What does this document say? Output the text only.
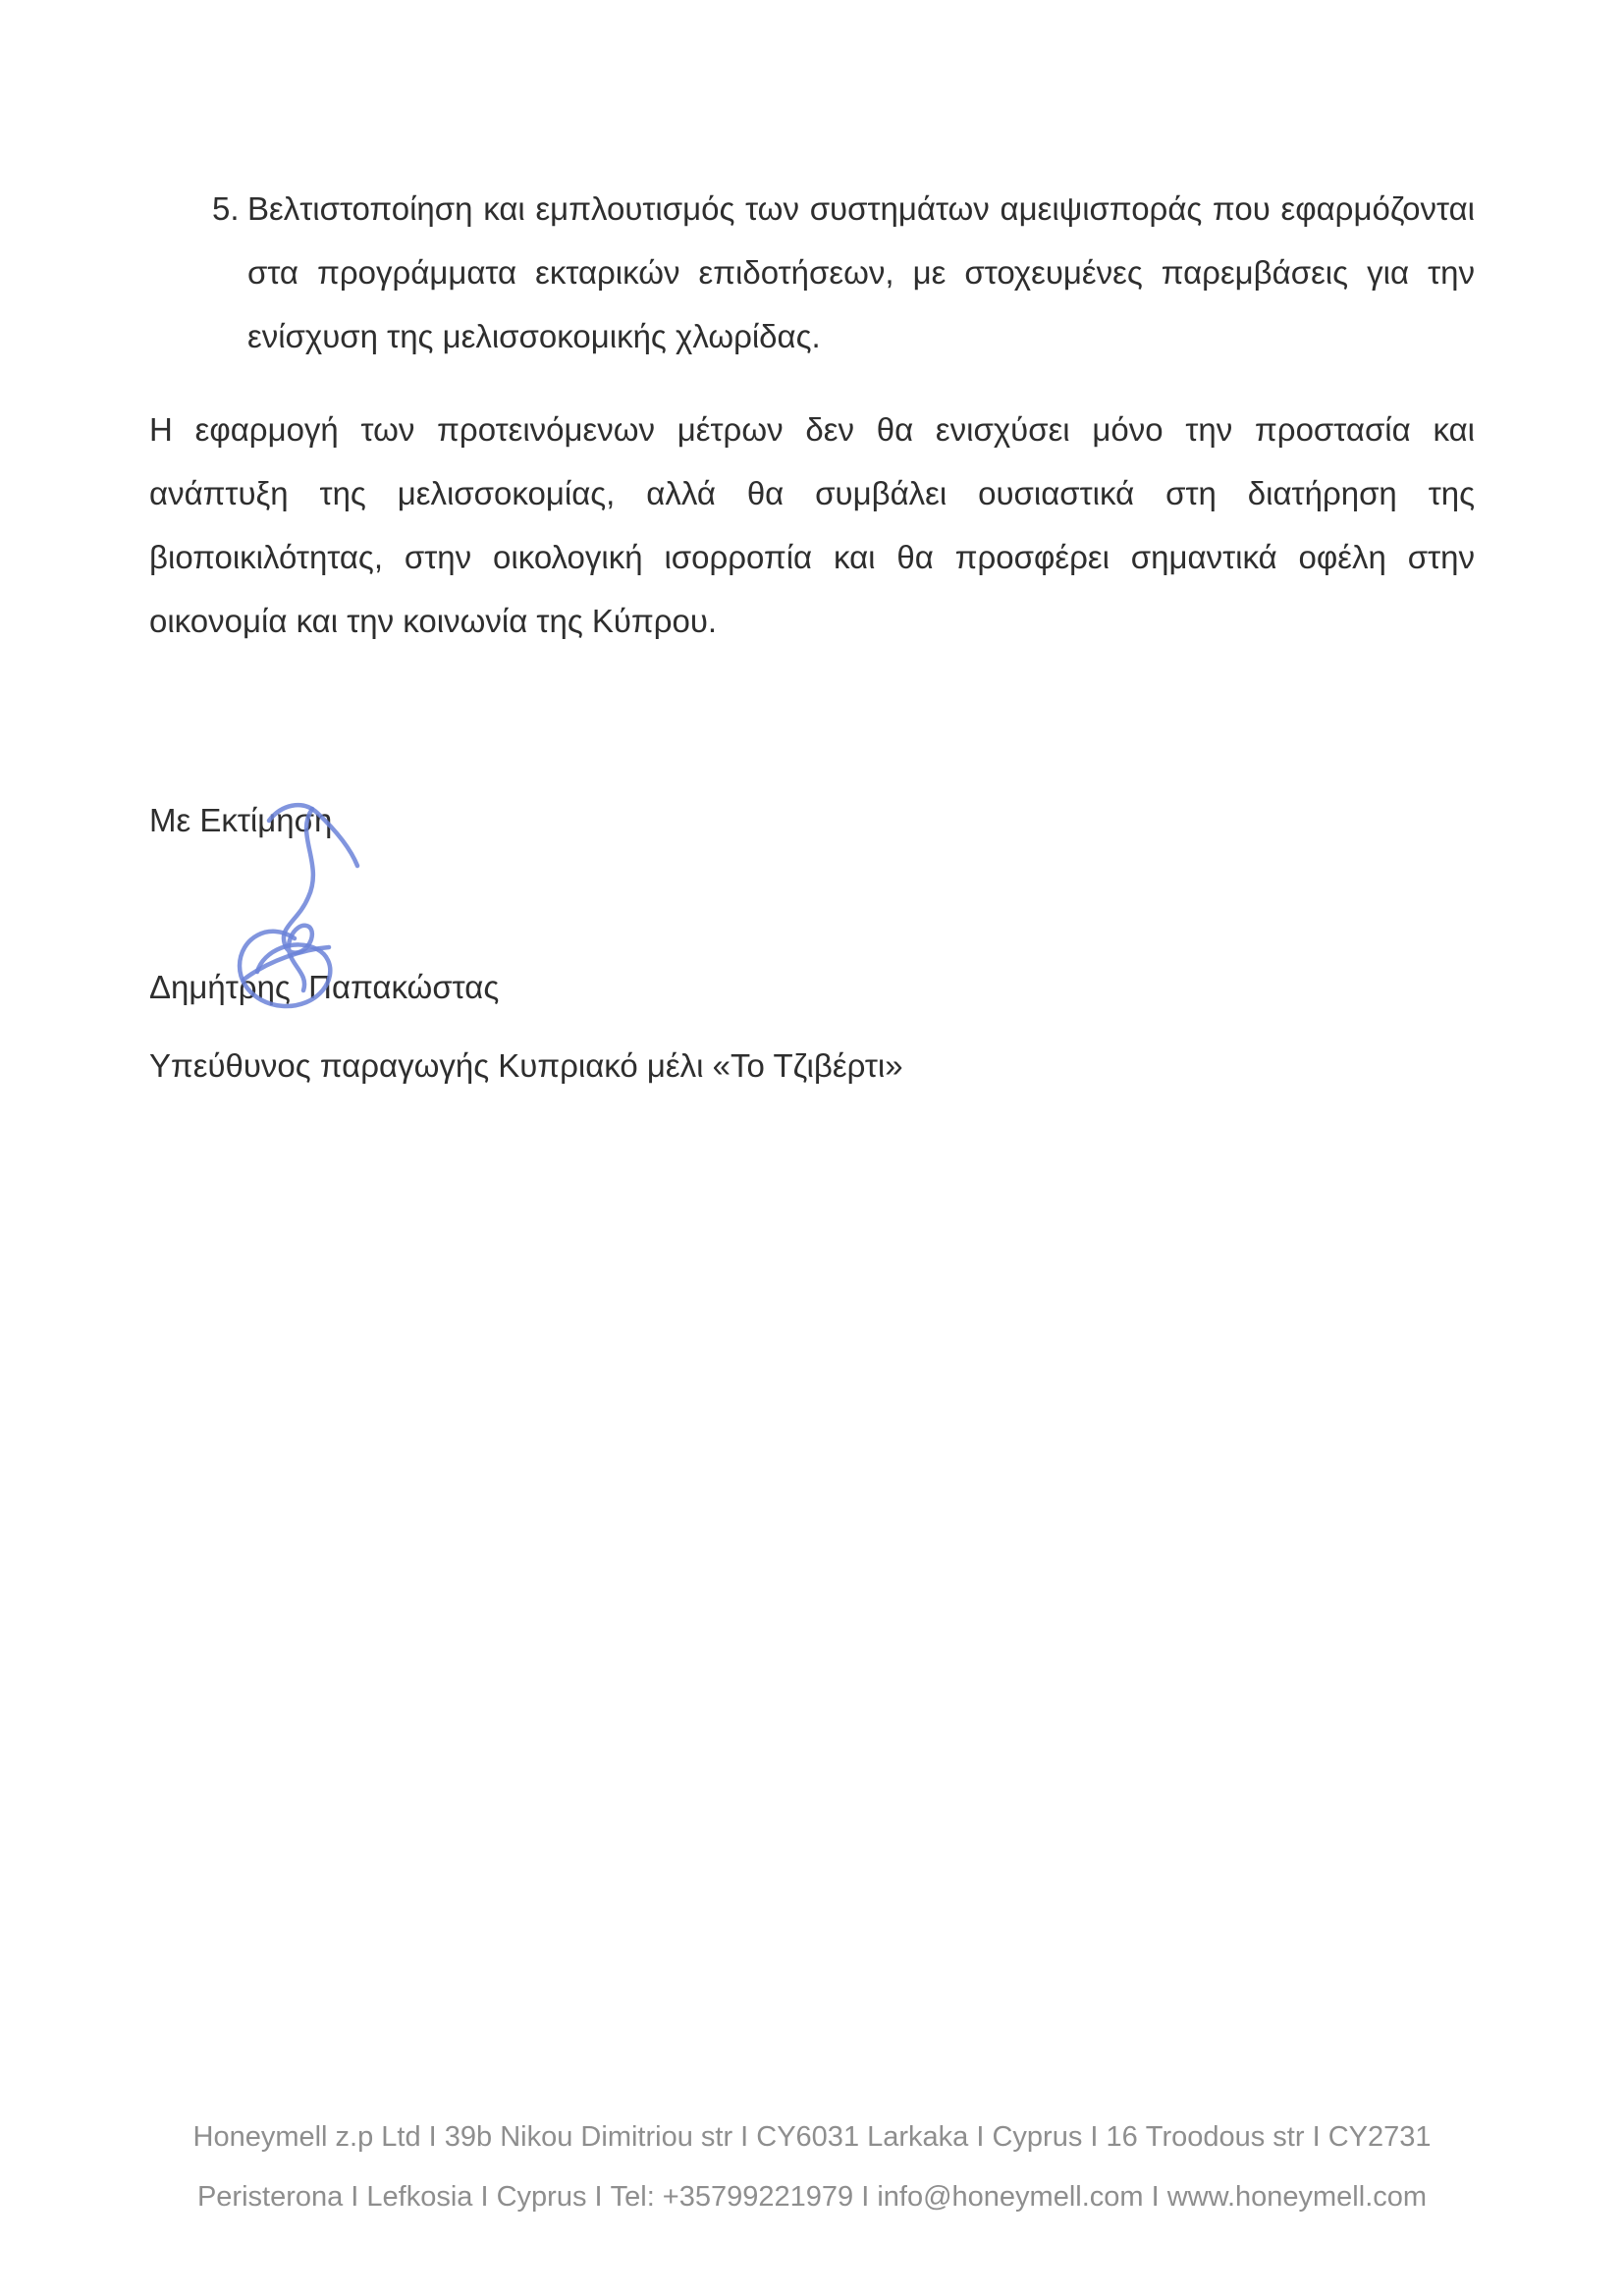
5. Βελτιστοποίηση και εμπλουτισμός των συστημάτων αμειψισποράς που εφαρμόζονται στα προγράμματα εκταρικών επιδοτήσεων, με στοχευμένες παρεμβάσεις για την ενίσχυση της μελισσοκομικής χλωρίδας.
Η εφαρμογή των προτεινόμενων μέτρων δεν θα ενισχύσει μόνο την προστασία και ανάπτυξη της μελισσοκομίας, αλλά θα συμβάλει ουσιαστικά στη διατήρηση της βιοποικιλότητας, στην οικολογική ισορροπία και θα προσφέρει σημαντικά οφέλη στην οικονομία και την κοινωνία της Κύπρου.
Με Εκτίμηση
Δημήτρης  Παπακώστας
Υπεύθυνος παραγωγής Κυπριακό μέλι «Το Τζιβέρτι»
Honeymell z.p Ltd Ι 39b Nikou Dimitriou str Ι CY6031 Larkaka Ι Cyprus Ι 16 Troodous str Ι CY2731
Peristerona Ι Lefkosia Ι Cyprus Ι Tel: +35799221979 Ι info@honeymell.com Ι www.honeymell.com
